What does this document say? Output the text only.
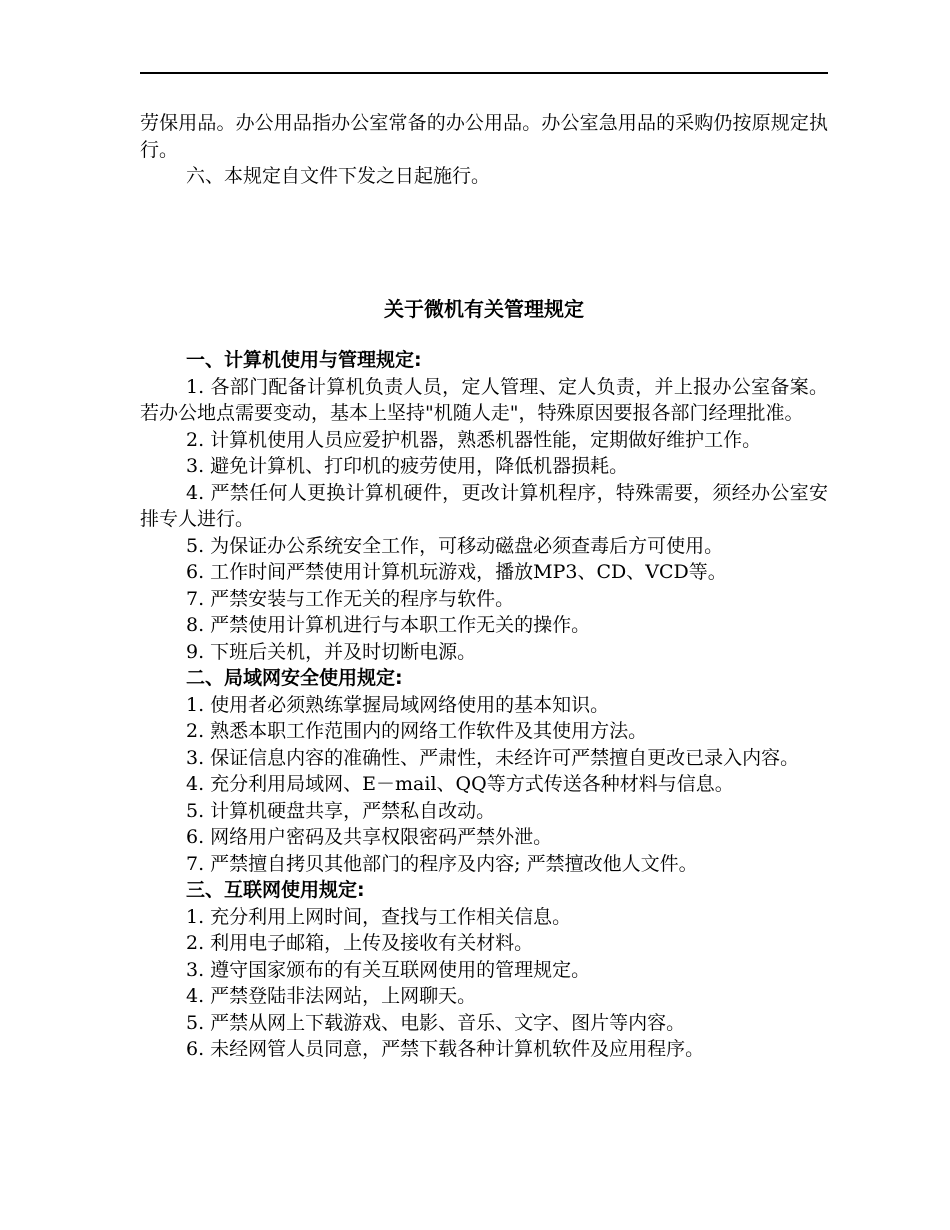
劳保用品。办公用品指办公室常备的办公用品。办公室急用品的采购仍按原规定执行。

六、本规定自文件下发之日起施行。

关于微机有关管理规定

一、计算机使用与管理规定:

1. 各部门配备计算机负责人员，定人管理、定人负责，并上报办公室备案。若办公地点需要变动，基本上坚持"机随人走"，特殊原因要报各部门经理批准。

2. 计算机使用人员应爱护机器，熟悉机器性能，定期做好维护工作。

3. 避免计算机、打印机的疲劳使用，降低机器损耗。

4. 严禁任何人更换计算机硬件，更改计算机程序，特殊需要，须经办公室安排专人进行。

5. 为保证办公系统安全工作，可移动磁盘必须查毒后方可使用。

6. 工作时间严禁使用计算机玩游戏，播放MP3、CD、VCD等。

7. 严禁安装与工作无关的程序与软件。

8. 严禁使用计算机进行与本职工作无关的操作。

9. 下班后关机，并及时切断电源。

二、局域网安全使用规定:

1. 使用者必须熟练掌握局域网络使用的基本知识。

2. 熟悉本职工作范围内的网络工作软件及其使用方法。

3. 保证信息内容的准确性、严肃性，未经许可严禁擅自更改已录入内容。

4. 充分利用局域网、E－mail、QQ等方式传送各种材料与信息。

5. 计算机硬盘共享，严禁私自改动。

6. 网络用户密码及共享权限密码严禁外泄。

7. 严禁擅自拷贝其他部门的程序及内容; 严禁擅改他人文件。

三、互联网使用规定:

1. 充分利用上网时间，查找与工作相关信息。

2. 利用电子邮箱，上传及接收有关材料。

3. 遵守国家颁布的有关互联网使用的管理规定。

4. 严禁登陆非法网站，上网聊天。

5. 严禁从网上下载游戏、电影、音乐、文字、图片等内容。

6. 未经网管人员同意，严禁下载各种计算机软件及应用程序。
